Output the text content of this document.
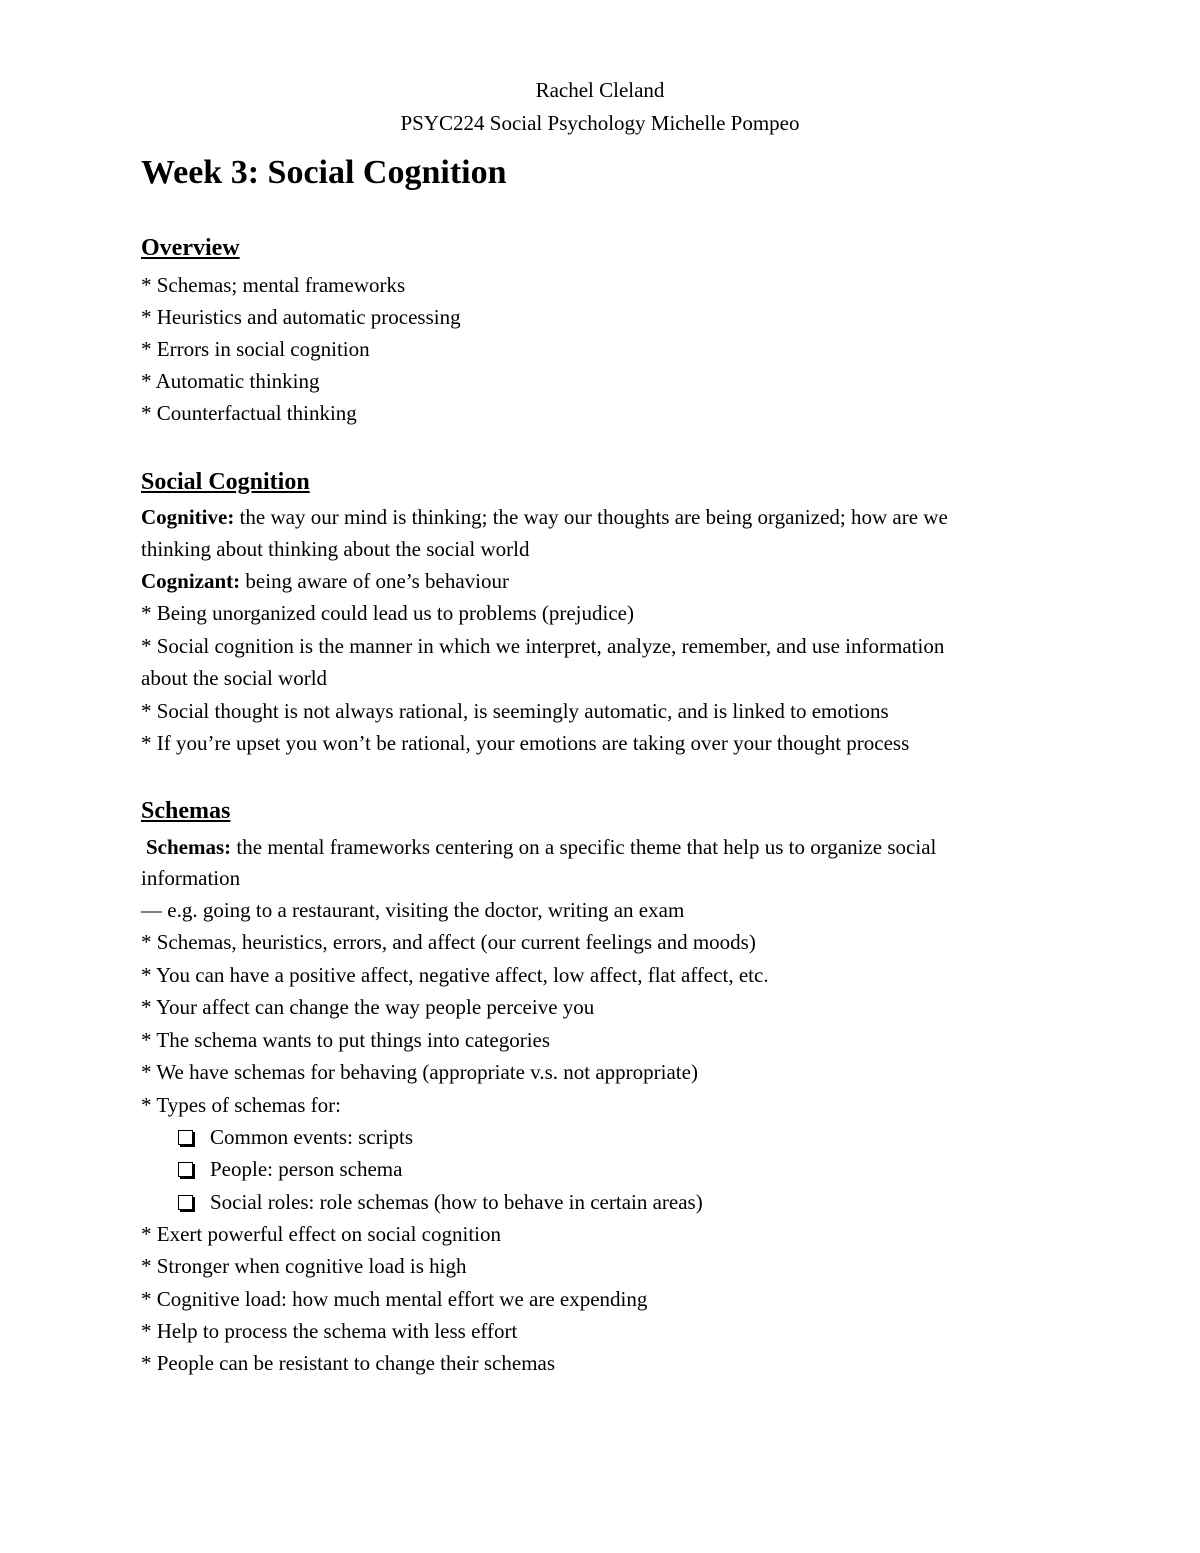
Rachel Cleland
PSYC224 Social Psychology Michelle Pompeo
Week 3: Social Cognition
Overview
* Schemas; mental frameworks
* Heuristics and automatic processing
* Errors in social cognition
* Automatic thinking
* Counterfactual thinking
Social Cognition
Cognitive: the way our mind is thinking; the way our thoughts are being organized; how are we
thinking about thinking about the social world
Cognizant: being aware of one’s behaviour
* Being unorganized could lead us to problems (prejudice)
* Social cognition is the manner in which we interpret, analyze, remember, and use information
about the social world
* Social thought is not always rational, is seemingly automatic, and is linked to emotions
* If you’re upset you won’t be rational, your emotions are taking over your thought process
Schemas
Schemas: the mental frameworks centering on a specific theme that help us to organize social
information
— e.g. going to a restaurant, visiting the doctor, writing an exam
* Schemas, heuristics, errors, and affect (our current feelings and moods)
* You can have a positive affect, negative affect, low affect, flat affect, etc.
* Your affect can change the way people perceive you
* The schema wants to put things into categories
* We have schemas for behaving (appropriate v.s. not appropriate)
* Types of schemas for:
Common events: scripts
People: person schema
Social roles: role schemas (how to behave in certain areas)
* Exert powerful effect on social cognition
* Stronger when cognitive load is high
* Cognitive load: how much mental effort we are expending
* Help to process the schema with less effort
* People can be resistant to change their schemas
